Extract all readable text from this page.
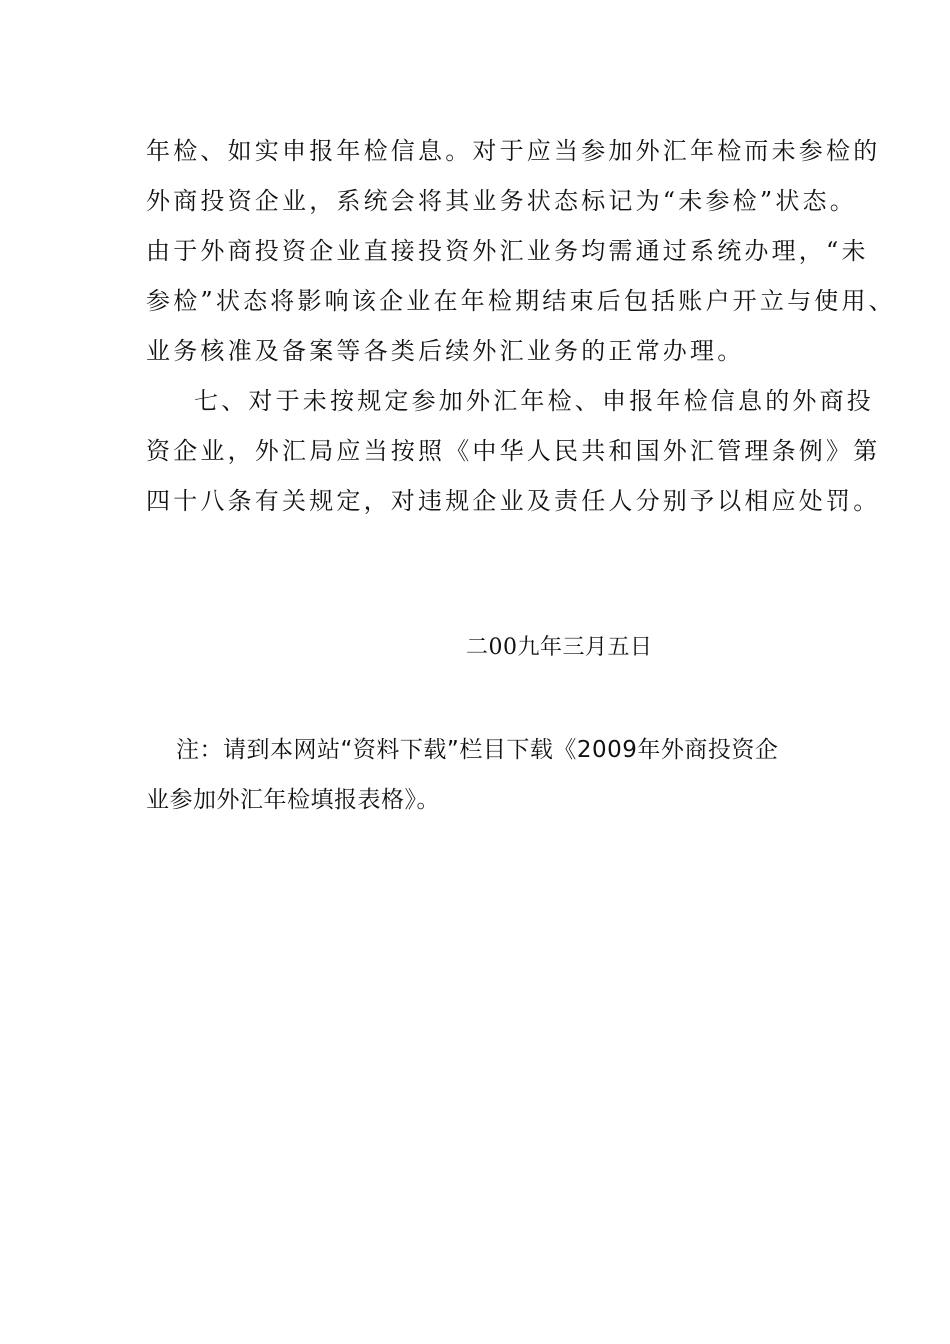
年检、如实申报年检信息。对于应当参加外汇年检而未参检的
外商投资企业，系统会将其业务状态标记为“未参检”状态。
由于外商投资企业直接投资外汇业务均需通过系统办理，“未
参检”状态将影响该企业在年检期结束后包括账户开立与使用、
业务核准及备案等各类后续外汇业务的正常办理。
七、对于未按规定参加外汇年检、申报年检信息的外商投
资企业，外汇局应当按照《中华人民共和国外汇管理条例》第
四十八条有关规定，对违规企业及责任人分别予以相应处罚。
二00九年三月五日
注：请到本网站“资料下载”栏目下载《2009年外商投资企
业参加外汇年检填报表格》。
